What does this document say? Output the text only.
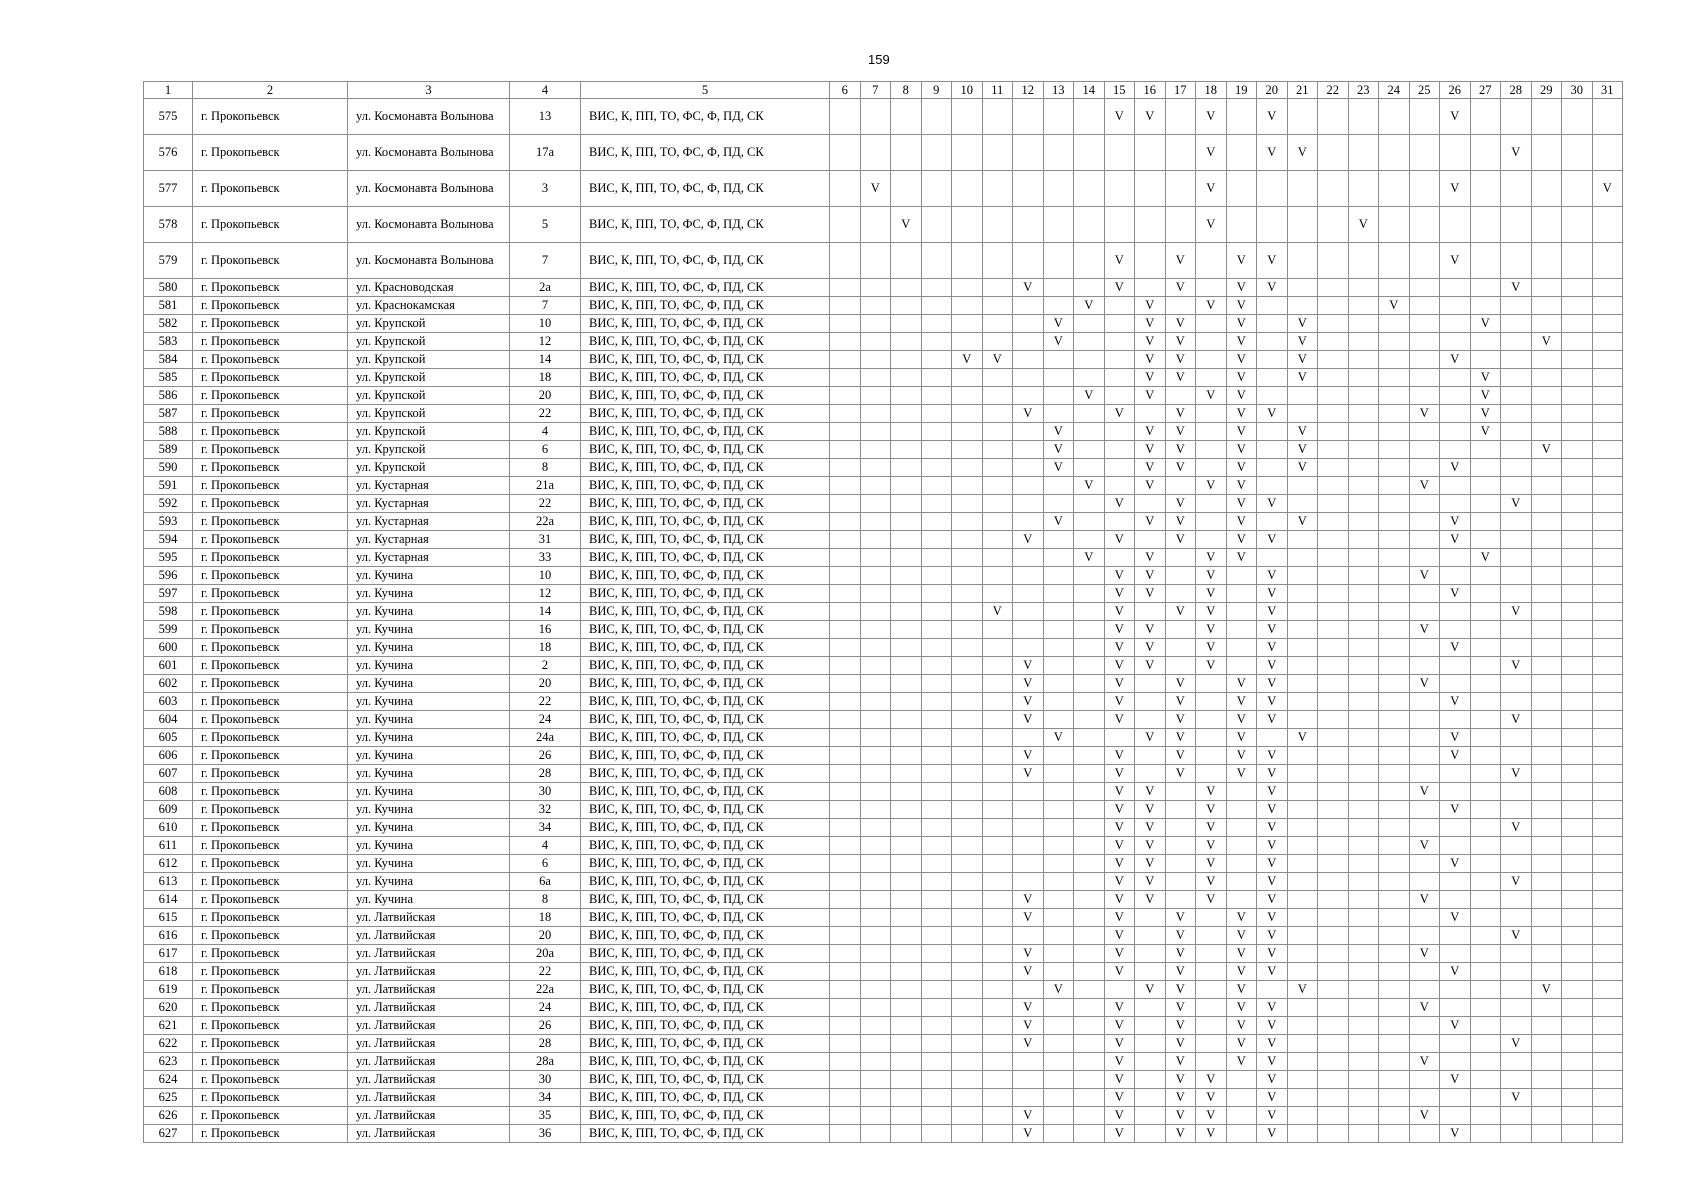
159
1	2	3	4	5	6	7	8	9	10	11	12	13	14	15	16	17	18	19	20	21	22	23	24	25	26	27	28	29	30	31
575	г. Прокопьевск	ул. Космонавта Волынова	13	ВИС, К, ПП, ТО, ФС, Ф, ПД, СК										V	V		V		V						V					
576	г. Прокопьевск	ул. Космонавта Волынова	17а	ВИС, К, ПП, ТО, ФС, Ф, ПД, СК													V		V	V							V			
577	г. Прокопьевск	ул. Космонавта Волынова	3	ВИС, К, ПП, ТО, ФС, Ф, ПД, СК		V											V								V					V
578	г. Прокопьевск	ул. Космонавта Волынова	5	ВИС, К, ПП, ТО, ФС, Ф, ПД, СК			V										V					V								
579	г. Прокопьевск	ул. Космонавта Волынова	7	ВИС, К, ПП, ТО, ФС, Ф, ПД, СК										V		V		V	V						V					
580	г. Прокопьевск	ул. Красноводская	2а	ВИС, К, ПП, ТО, ФС, Ф, ПД, СК							V			V		V		V	V								V			
581	г. Прокопьевск	ул. Краснокамская	7	ВИС, К, ПП, ТО, ФС, Ф, ПД, СК									V		V		V	V					V							
582	г. Прокопьевск	ул. Крупской	10	ВИС, К, ПП, ТО, ФС, Ф, ПД, СК								V			V	V		V		V						V				
583	г. Прокопьевск	ул. Крупской	12	ВИС, К, ПП, ТО, ФС, Ф, ПД, СК								V			V	V		V		V								V		
584	г. Прокопьевск	ул. Крупской	14	ВИС, К, ПП, ТО, ФС, Ф, ПД, СК					V	V					V	V		V		V					V					
585	г. Прокопьевск	ул. Крупской	18	ВИС, К, ПП, ТО, ФС, Ф, ПД, СК											V	V		V		V						V				
586	г. Прокопьевск	ул. Крупской	20	ВИС, К, ПП, ТО, ФС, Ф, ПД, СК									V		V		V	V								V				
587	г. Прокопьевск	ул. Крупской	22	ВИС, К, ПП, ТО, ФС, Ф, ПД, СК							V			V		V		V	V					V		V				
588	г. Прокопьевск	ул. Крупской	4	ВИС, К, ПП, ТО, ФС, Ф, ПД, СК								V			V	V		V		V						V				
589	г. Прокопьевск	ул. Крупской	6	ВИС, К, ПП, ТО, ФС, Ф, ПД, СК								V			V	V		V		V								V		
590	г. Прокопьевск	ул. Крупской	8	ВИС, К, ПП, ТО, ФС, Ф, ПД, СК								V			V	V		V		V					V					
591	г. Прокопьевск	ул. Кустарная	21а	ВИС, К, ПП, ТО, ФС, Ф, ПД, СК									V		V		V	V						V						
592	г. Прокопьевск	ул. Кустарная	22	ВИС, К, ПП, ТО, ФС, Ф, ПД, СК										V		V		V	V								V			
593	г. Прокопьевск	ул. Кустарная	22а	ВИС, К, ПП, ТО, ФС, Ф, ПД, СК								V			V	V		V		V					V					
594	г. Прокопьевск	ул. Кустарная	31	ВИС, К, ПП, ТО, ФС, Ф, ПД, СК							V			V		V		V	V						V					
595	г. Прокопьевск	ул. Кустарная	33	ВИС, К, ПП, ТО, ФС, Ф, ПД, СК									V		V		V	V								V				
596	г. Прокопьевск	ул. Кучина	10	ВИС, К, ПП, ТО, ФС, Ф, ПД, СК										V	V		V		V					V						
597	г. Прокопьевск	ул. Кучина	12	ВИС, К, ПП, ТО, ФС, Ф, ПД, СК										V	V		V		V						V					
598	г. Прокопьевск	ул. Кучина	14	ВИС, К, ПП, ТО, ФС, Ф, ПД, СК						V				V		V	V		V								V			
599	г. Прокопьевск	ул. Кучина	16	ВИС, К, ПП, ТО, ФС, Ф, ПД, СК										V	V		V		V					V						
600	г. Прокопьевск	ул. Кучина	18	ВИС, К, ПП, ТО, ФС, Ф, ПД, СК										V	V		V		V						V					
601	г. Прокопьевск	ул. Кучина	2	ВИС, К, ПП, ТО, ФС, Ф, ПД, СК							V			V	V		V		V								V			
602	г. Прокопьевск	ул. Кучина	20	ВИС, К, ПП, ТО, ФС, Ф, ПД, СК							V			V		V		V	V					V						
603	г. Прокопьевск	ул. Кучина	22	ВИС, К, ПП, ТО, ФС, Ф, ПД, СК							V			V		V		V	V						V					
604	г. Прокопьевск	ул. Кучина	24	ВИС, К, ПП, ТО, ФС, Ф, ПД, СК							V			V		V		V	V								V			
605	г. Прокопьевск	ул. Кучина	24а	ВИС, К, ПП, ТО, ФС, Ф, ПД, СК								V			V	V		V		V					V					
606	г. Прокопьевск	ул. Кучина	26	ВИС, К, ПП, ТО, ФС, Ф, ПД, СК							V			V		V		V	V						V					
607	г. Прокопьевск	ул. Кучина	28	ВИС, К, ПП, ТО, ФС, Ф, ПД, СК							V			V		V		V	V								V			
608	г. Прокопьевск	ул. Кучина	30	ВИС, К, ПП, ТО, ФС, Ф, ПД, СК										V	V		V		V					V						
609	г. Прокопьевск	ул. Кучина	32	ВИС, К, ПП, ТО, ФС, Ф, ПД, СК										V	V		V		V						V					
610	г. Прокопьевск	ул. Кучина	34	ВИС, К, ПП, ТО, ФС, Ф, ПД, СК										V	V		V		V								V			
611	г. Прокопьевск	ул. Кучина	4	ВИС, К, ПП, ТО, ФС, Ф, ПД, СК										V	V		V		V					V						
612	г. Прокопьевск	ул. Кучина	6	ВИС, К, ПП, ТО, ФС, Ф, ПД, СК										V	V		V		V						V					
613	г. Прокопьевск	ул. Кучина	6а	ВИС, К, ПП, ТО, ФС, Ф, ПД, СК										V	V		V		V								V			
614	г. Прокопьевск	ул. Кучина	8	ВИС, К, ПП, ТО, ФС, Ф, ПД, СК							V			V	V		V		V					V						
615	г. Прокопьевск	ул. Латвийская	18	ВИС, К, ПП, ТО, ФС, Ф, ПД, СК							V			V		V		V	V						V					
616	г. Прокопьевск	ул. Латвийская	20	ВИС, К, ПП, ТО, ФС, Ф, ПД, СК										V		V		V	V								V			
617	г. Прокопьевск	ул. Латвийская	20а	ВИС, К, ПП, ТО, ФС, Ф, ПД, СК							V			V		V		V	V					V						
618	г. Прокопьевск	ул. Латвийская	22	ВИС, К, ПП, ТО, ФС, Ф, ПД, СК							V			V		V		V	V						V					
619	г. Прокопьевск	ул. Латвийская	22а	ВИС, К, ПП, ТО, ФС, Ф, ПД, СК								V			V	V		V		V								V		
620	г. Прокопьевск	ул. Латвийская	24	ВИС, К, ПП, ТО, ФС, Ф, ПД, СК							V			V		V		V	V					V						
621	г. Прокопьевск	ул. Латвийская	26	ВИС, К, ПП, ТО, ФС, Ф, ПД, СК							V			V		V		V	V						V					
622	г. Прокопьевск	ул. Латвийская	28	ВИС, К, ПП, ТО, ФС, Ф, ПД, СК							V			V		V		V	V								V			
623	г. Прокопьевск	ул. Латвийская	28а	ВИС, К, ПП, ТО, ФС, Ф, ПД, СК										V		V		V	V					V						
624	г. Прокопьевск	ул. Латвийская	30	ВИС, К, ПП, ТО, ФС, Ф, ПД, СК										V		V	V		V						V					
625	г. Прокопьевск	ул. Латвийская	34	ВИС, К, ПП, ТО, ФС, Ф, ПД, СК										V		V	V		V								V			
626	г. Прокопьевск	ул. Латвийская	35	ВИС, К, ПП, ТО, ФС, Ф, ПД, СК							V			V		V	V		V					V						
627	г. Прокопьевск	ул. Латвийская	36	ВИС, К, ПП, ТО, ФС, Ф, ПД, СК							V			V		V	V		V						V					
